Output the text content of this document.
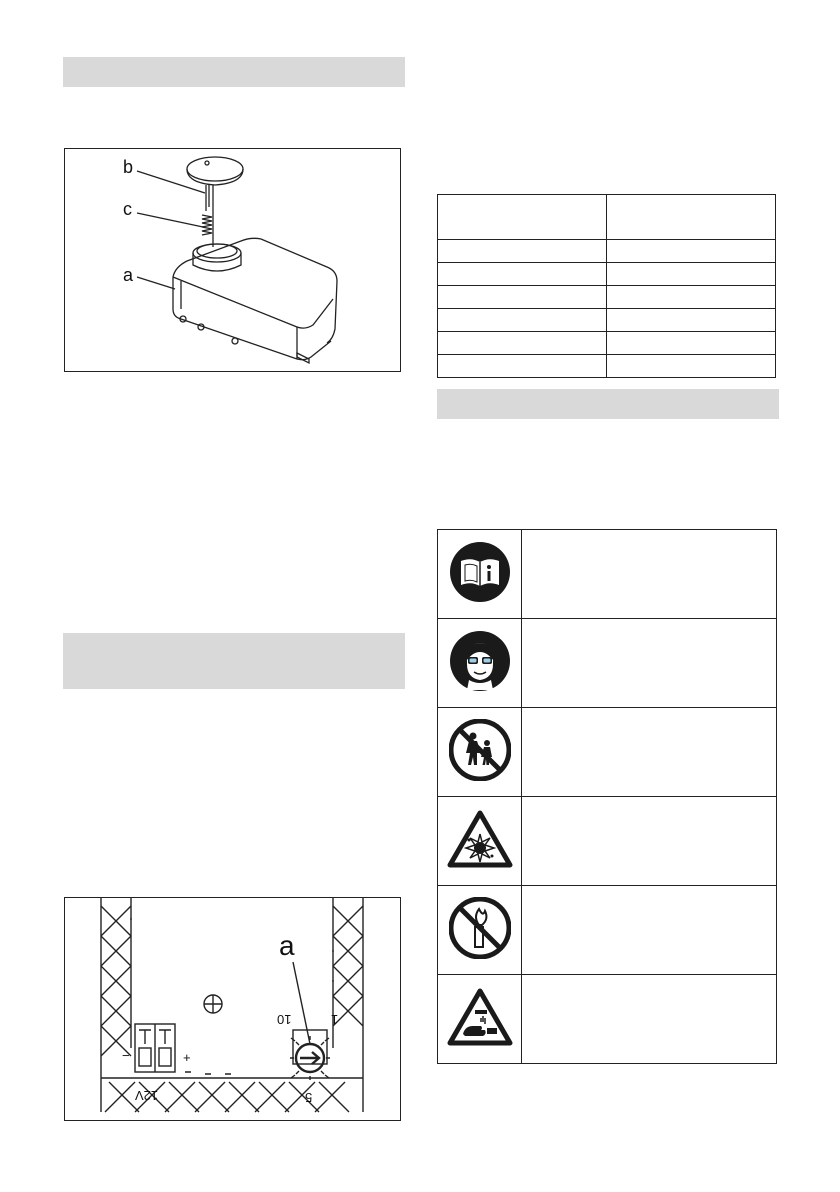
b
c
a
a
10	1
5
12V
−	+
